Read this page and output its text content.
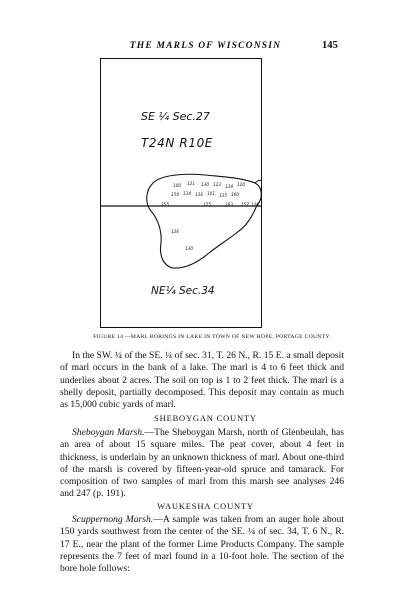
THE MARLS OF WISCONSIN	145
100 121 130 123 134 120
154 134 136 101 135 160
155	175	183 157 120
126
130
SE ¼ Sec.27
T24N R10E
NE¼ Sec.34
FIGURE 14.—MARL BORINGS IN LAKE IN TOWN OF NEW HOPE, PORTAGE COUNTY.
In the SW. ¼ of the SE. ¼ of sec. 31, T. 26 N., R. 15 E. a small deposit of marl occurs in the bank of a lake. The marl is 4 to 6 feet thick and underlies about 2 acres. The soil on top is 1 to 2 feet thick. The marl is a shelly deposit, partially decomposed. This deposit may contain as much as 15,000 cubic yards of marl.
SHEBOYGAN COUNTY
Sheboygan Marsh.—The Sheboygan Marsh, north of Glenbeulah, has an area of about 15 square miles. The peat cover, about 4 feet in thickness, is underlain by an unknown thickness of marl. About one-third of the marsh is covered by fifteen-year-old spruce and tamarack. For composition of two samples of marl from this marsh see analyses 246 and 247 (p. 191).
WAUKESHA COUNTY
Scuppernong Marsh.—A sample was taken from an auger hole about 150 yards southwest from the center of the SE. ¼ of sec. 34, T. 6 N., R. 17 E., near the plant of the former Lime Products Company. The sample represents the 7 feet of marl found in a 10-foot hole. The section of the bore hole follows:
